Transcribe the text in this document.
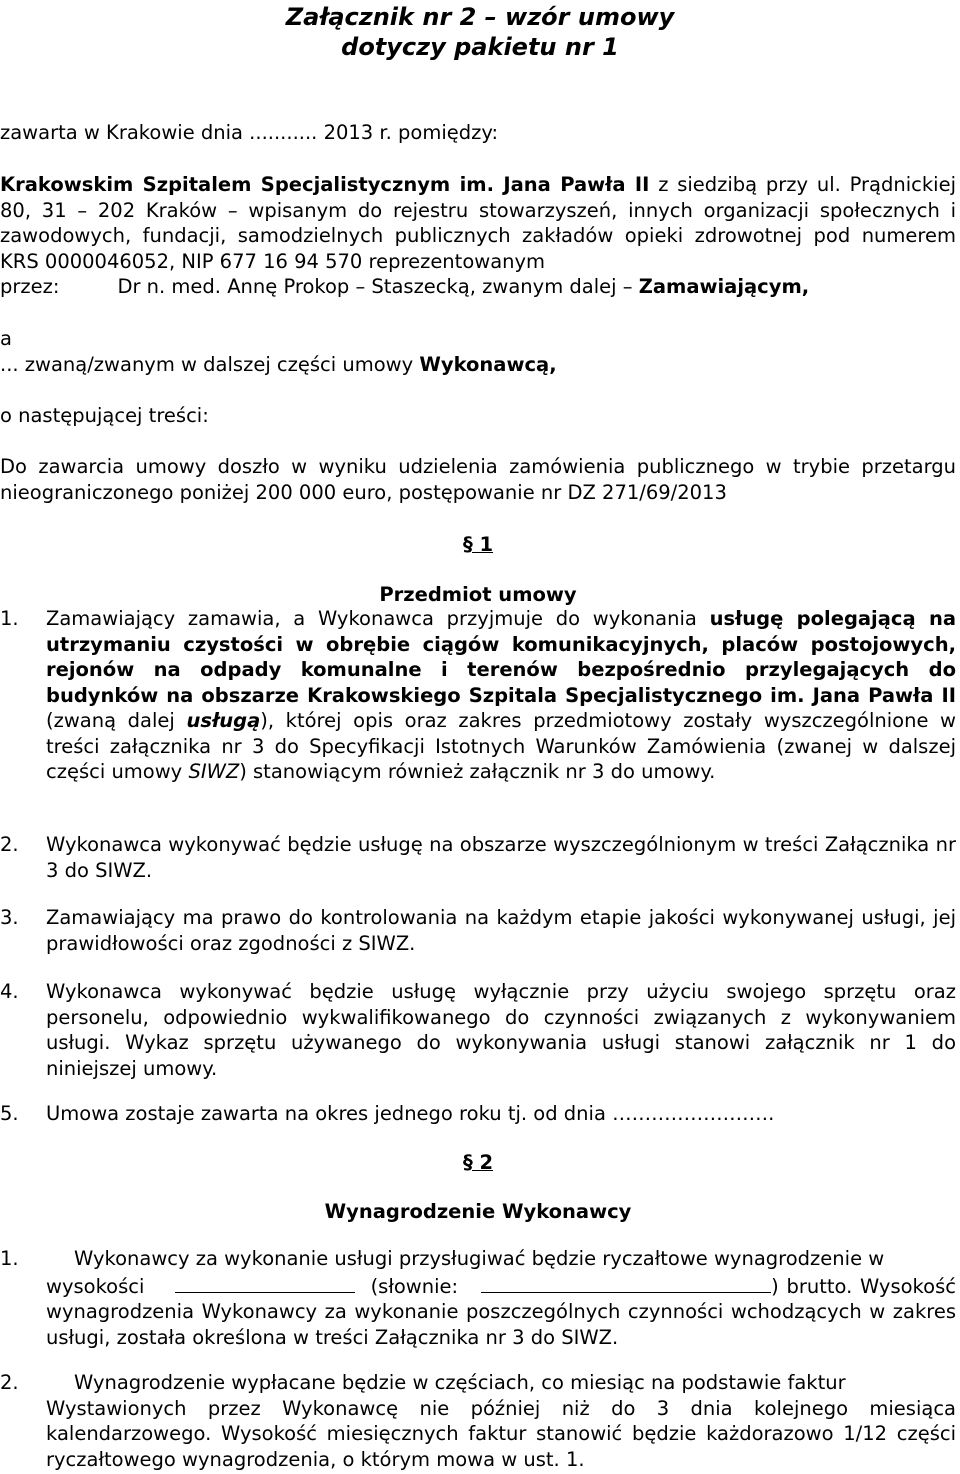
Załącznik nr 2 – wzór umowy
dotyczy pakietu nr 1

zawarta w Krakowie dnia ........... 2013 r. pomiędzy:

Krakowskim Szpitalem Specjalistycznym im. Jana Pawła II z siedzibą przy ul. Prądnickiej 80, 31 – 202 Kraków – wpisanym do rejestru stowarzyszeń, innych organizacji społecznych i zawodowych, fundacji, samodzielnych publicznych zakładów opieki zdrowotnej pod numerem KRS 0000046052, NIP 677 16 94 570 reprezentowanym
przez:	Dr n. med. Annę Prokop – Staszecką, zwanym dalej – Zamawiającym,

a

... zwaną/zwanym w dalszej części umowy Wykonawcą,

o następującej treści:

Do zawarcia umowy doszło w wyniku udzielenia zamówienia publicznego w trybie przetargu nieograniczonego poniżej 200 000 euro, postępowanie nr DZ 271/69/2013

§ 1

Przedmiot umowy

1. Zamawiający zamawia, a Wykonawca przyjmuje do wykonania usługę polegającą na utrzymaniu czystości w obrębie ciągów komunikacyjnych, placów postojowych, rejonów na odpady komunalne i terenów bezpośrednio przylegających do budynków na obszarze Krakowskiego Szpitala Specjalistycznego im. Jana Pawła II (zwaną dalej usługą), której opis oraz zakres przedmiotowy zostały wyszczególnione w treści załącznika nr 3 do Specyfikacji Istotnych Warunków Zamówienia (zwanej w dalszej części umowy SIWZ) stanowiącym również załącznik nr 3 do umowy.

2. Wykonawca wykonywać będzie usługę na obszarze wyszczególnionym w treści Załącznika nr 3 do SIWZ.

3. Zamawiający ma prawo do kontrolowania na każdym etapie jakości wykonywanej usługi, jej prawidłowości oraz zgodności z SIWZ.

4. Wykonawca wykonywać będzie usługę wyłącznie przy użyciu swojego sprzętu oraz personelu, odpowiednio wykwalifikowanego do czynności związanych z wykonywaniem usługi. Wykaz sprzętu używanego do wykonywania usługi stanowi załącznik nr 1 do niniejszej umowy.

5. Umowa zostaje zawarta na okres jednego roku tj. od dnia …………………….

§ 2

Wynagrodzenie Wykonawcy

1.	Wykonawcy za wykonanie usługi przysługiwać będzie ryczałtowe wynagrodzenie w

wysokości	(słownie:	) brutto. Wysokość wynagrodzenia Wykonawcy za wykonanie poszczególnych czynności wchodzących w zakres usługi, została określona w treści Załącznika nr 3 do SIWZ.

2.	Wynagrodzenie wypłacane będzie w częściach, co miesiąc na podstawie faktur

Wystawionych przez Wykonawcę nie później niż do 3 dnia kolejnego miesiąca kalendarzowego. Wysokość miesięcznych faktur stanowić będzie każdorazowo 1/12 części ryczałtowego wynagrodzenia, o którym mowa w ust. 1.
